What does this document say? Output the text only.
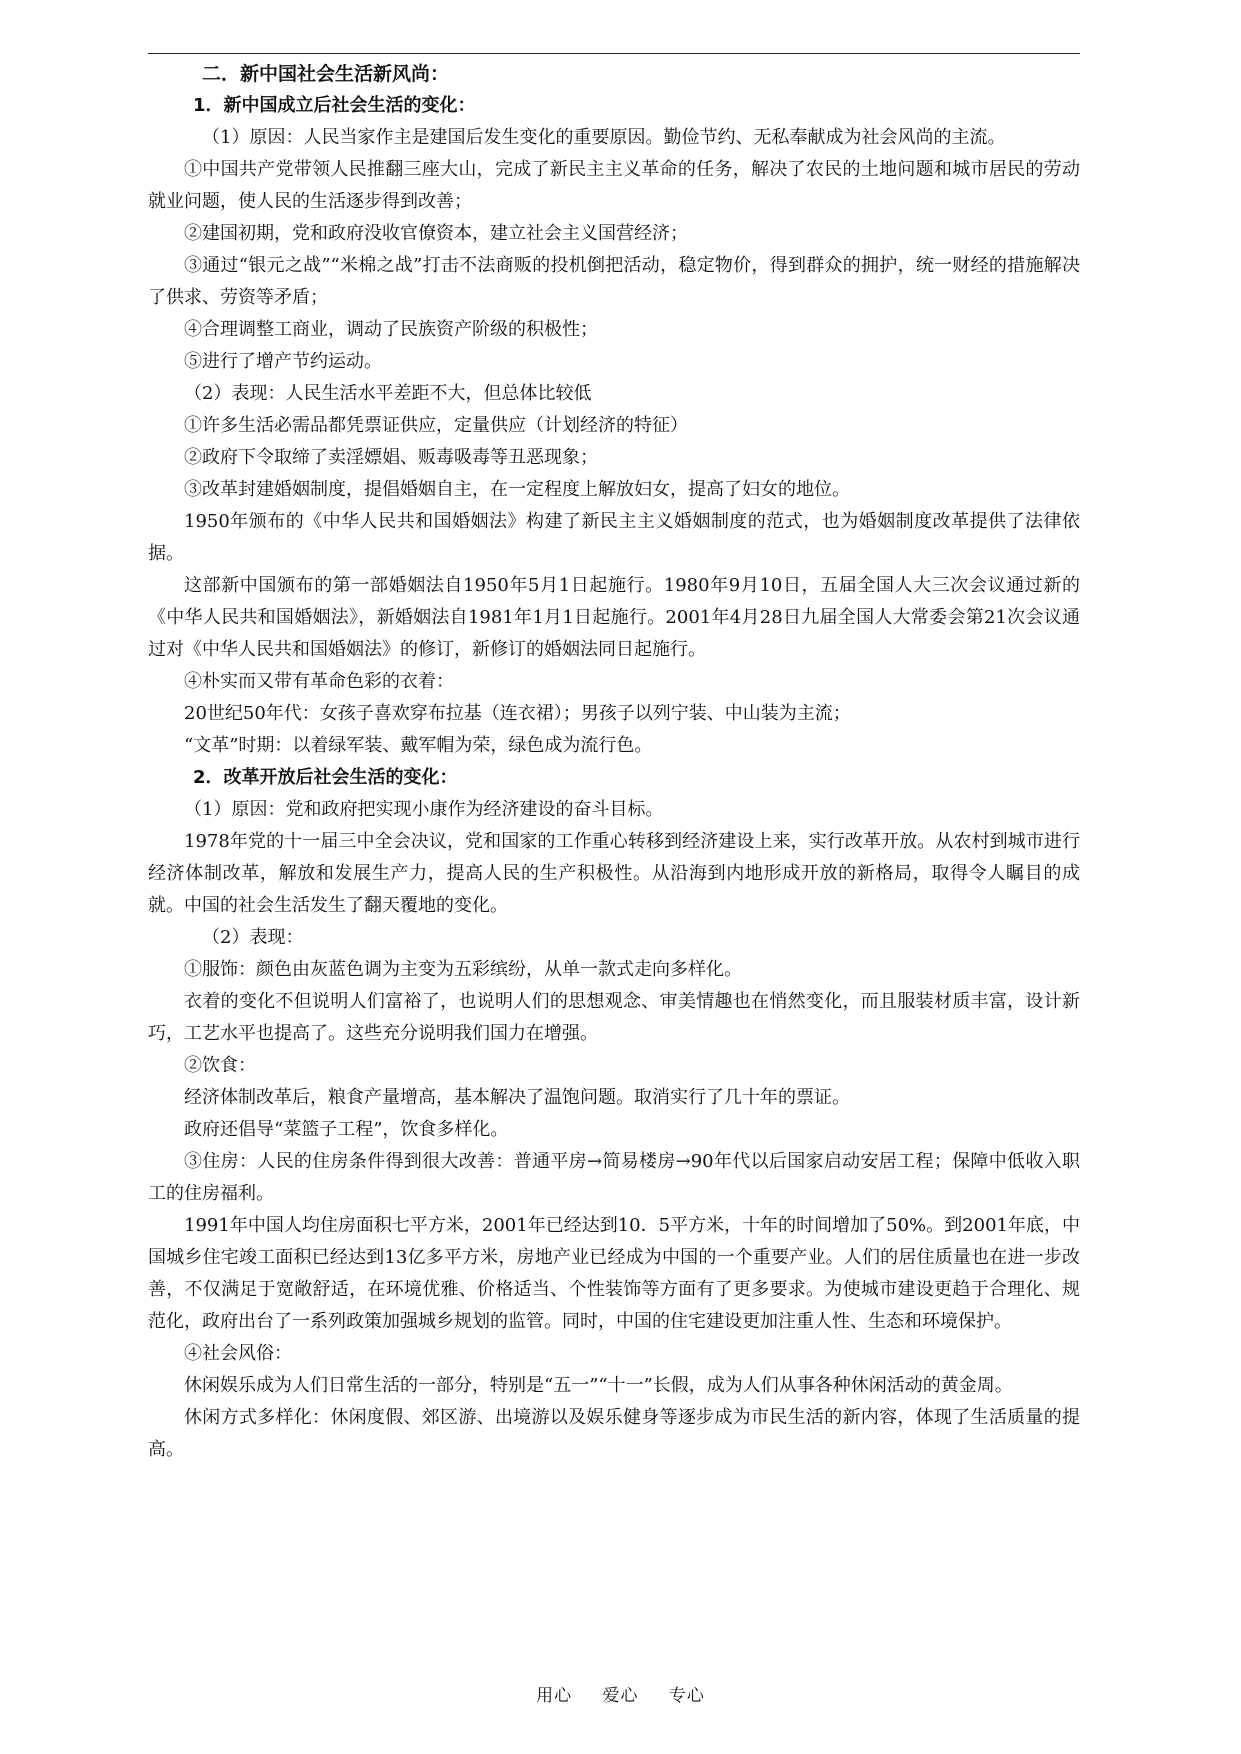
二．新中国社会生活新风尚：

1．新中国成立后社会生活的变化：

（1）原因：人民当家作主是建国后发生变化的重要原因。勤俭节约、无私奉献成为社会风尚的主流。

①中国共产党带领人民推翻三座大山，完成了新民主主义革命的任务，解决了农民的土地问题和城市居民的劳动就业问题，使人民的生活逐步得到改善；

②建国初期，党和政府没收官僚资本，建立社会主义国营经济；

③通过“银元之战”“米棉之战”打击不法商贩的投机倒把活动，稳定物价，得到群众的拥护，统一财经的措施解决了供求、劳资等矛盾；

④合理调整工商业，调动了民族资产阶级的积极性；

⑤进行了增产节约运动。

（2）表现：人民生活水平差距不大，但总体比较低

①许多生活必需品都凭票证供应，定量供应（计划经济的特征）

②政府下令取缔了卖淫嫖娼、贩毒吸毒等丑恶现象；

③改革封建婚姻制度，提倡婚姻自主，在一定程度上解放妇女，提高了妇女的地位。

1950年颁布的《中华人民共和国婚姻法》构建了新民主主义婚姻制度的范式，也为婚姻制度改革提供了法律依据。

这部新中国颁布的第一部婚姻法自1950年5月1日起施行。1980年9月10日，五届全国人大三次会议通过新的《中华人民共和国婚姻法》，新婚姻法自1981年1月1日起施行。2001年4月28日九届全国人大常委会第21次会议通过对《中华人民共和国婚姻法》的修订，新修订的婚姻法同日起施行。

④朴实而又带有革命色彩的衣着：

20世纪50年代：女孩子喜欢穿布拉基（连衣裙）；男孩子以列宁装、中山装为主流；

“文革”时期：以着绿军装、戴军帽为荣，绿色成为流行色。

2．改革开放后社会生活的变化：

（1）原因：党和政府把实现小康作为经济建设的奋斗目标。

1978年党的十一届三中全会决议，党和国家的工作重心转移到经济建设上来，实行改革开放。从农村到城市进行经济体制改革，解放和发展生产力，提高人民的生产积极性。从沿海到内地形成开放的新格局，取得令人瞩目的成就。中国的社会生活发生了翻天覆地的变化。

（2）表现：

①服饰：颜色由灰蓝色调为主变为五彩缤纷，从单一款式走向多样化。

衣着的变化不但说明人们富裕了，也说明人们的思想观念、审美情趣也在悄然变化，而且服装材质丰富，设计新巧，工艺水平也提高了。这些充分说明我们国力在增强。

②饮食：

经济体制改革后，粮食产量增高，基本解决了温饱问题。取消实行了几十年的票证。

政府还倡导“菜篮子工程”，饮食多样化。

③住房：人民的住房条件得到很大改善：普通平房→简易楼房→90年代以后国家启动安居工程；保障中低收入职工的住房福利。

1991年中国人均住房面积七平方米，2001年已经达到10．5平方米，十年的时间增加了50%。到2001年底，中国城乡住宅竣工面积已经达到13亿多平方米，房地产业已经成为中国的一个重要产业。人们的居住质量也在进一步改善，不仅满足于宽敞舒适，在环境优雅、价格适当、个性装饰等方面有了更多要求。为使城市建设更趋于合理化、规范化，政府出台了一系列政策加强城乡规划的监管。同时，中国的住宅建设更加注重人性、生态和环境保护。

④社会风俗：

休闲娱乐成为人们日常生活的一部分，特别是“五一”“十一”长假，成为人们从事各种休闲活动的黄金周。

休闲方式多样化：休闲度假、郊区游、出境游以及娱乐健身等逐步成为市民生活的新内容，体现了生活质量的提高。

用心 爱心 专心
